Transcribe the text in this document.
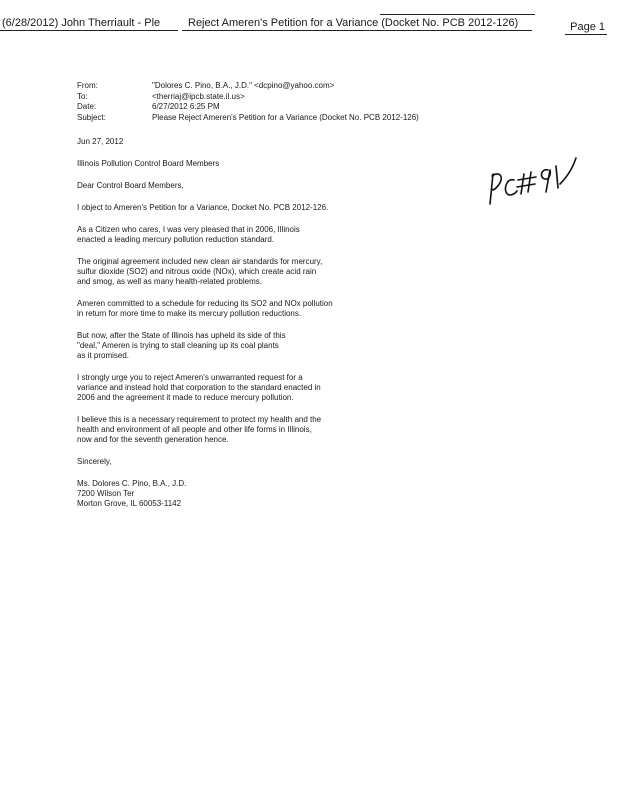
(6/28/2012) John Therriault - Ple	Reject Ameren's Petition for a Variance (Docket No. PCB 2012-126)	Page 1
From:	"Dolores C. Pino, B.A., J.D." <dcpino@yahoo.com>
To:	<therriaj@ipcb.state.il.us>
Date:	6/27/2012 6:25 PM
Subject:	Please Reject Ameren's Petition for a Variance (Docket No. PCB 2012-126)

Jun 27, 2012

Illinois Pollution Control Board Members

Dear Control Board Members,

I object to Ameren's Petition for a Variance, Docket No. PCB 2012-126.

As a Citizen who cares, I was very pleased that in 2006, Illinois
enacted a leading mercury pollution reduction standard.

The original agreement included new clean air standards for mercury,
sulfur dioxide (SO2) and nitrous oxide (NOx), which create acid rain
and smog, as well as many health-related problems.

Ameren committed to a schedule for reducing its SO2 and NOx pollution
in return for more time to make its mercury pollution reductions.

But now, after the State of Illinois has upheld its side of this
"deal," Ameren is trying to stall cleaning up its coal plants
as it promised.

I strongly urge you to reject Ameren's unwarranted request for a
variance and instead hold that corporation to the standard enacted in
2006 and the agreement it made to reduce mercury pollution.

I believe this is a necessary requirement to protect my health and the
health and environment of all people and other life forms in Illinois,
now and for the seventh generation hence.

Sincerely,

Ms. Dolores C. Pino, B.A., J.D.
7200 Wilson Ter
Morton Grove, IL 60053-1142
